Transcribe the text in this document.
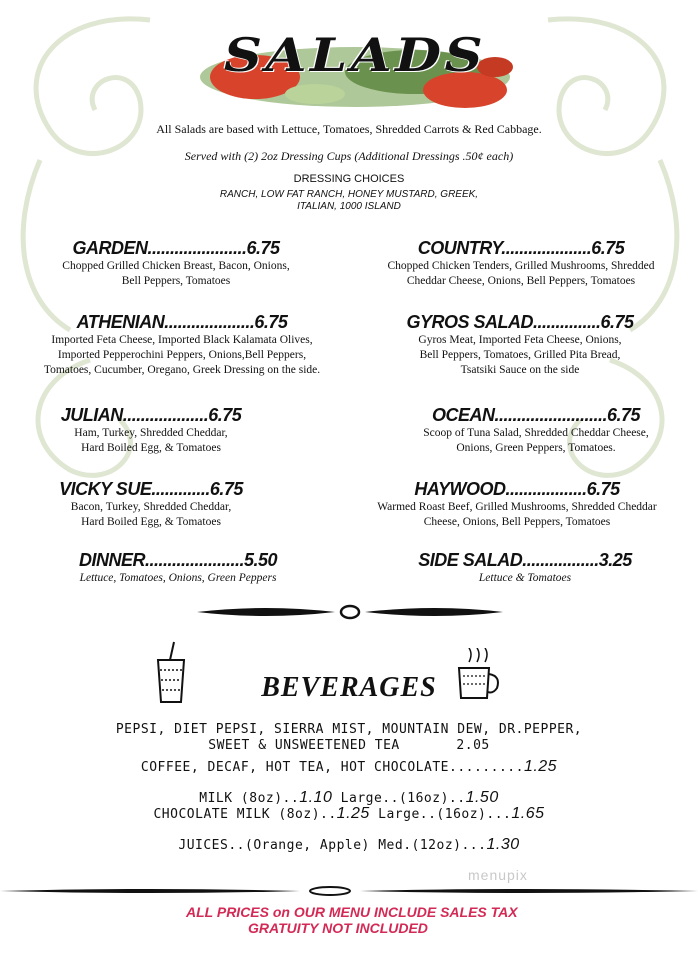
SALADS
All Salads are based with Lettuce, Tomatoes, Shredded Carrots & Red Cabbage.
Served with (2) 2oz Dressing Cups (Additional Dressings .50¢ each)
DRESSING CHOICES
RANCH, LOW FAT RANCH, HONEY MUSTARD, GREEK,
ITALIAN, 1000 ISLAND
GARDEN......................6.75
Chopped Grilled Chicken Breast, Bacon, Onions,
Bell Peppers, Tomatoes
ATHENIAN....................6.75
Imported Feta Cheese, Imported Black Kalamata Olives,
Imported Pepperochini Peppers, Onions,Bell Peppers,
Tomatoes, Cucumber, Oregano, Greek Dressing on the side.
JULIAN...................6.75
Ham, Turkey, Shredded Cheddar,
Hard Boiled Egg, & Tomatoes
VICKY SUE.............6.75
Bacon, Turkey, Shredded Cheddar,
Hard Boiled Egg, & Tomatoes
DINNER......................5.50
Lettuce, Tomatoes, Onions, Green Peppers
COUNTRY....................6.75
Chopped Chicken Tenders, Grilled Mushrooms, Shredded
Cheddar Cheese, Onions, Bell Peppers, Tomatoes
GYROS SALAD...............6.75
Gyros Meat, Imported Feta Cheese, Onions,
Bell Peppers, Tomatoes, Grilled Pita Bread,
Tsatsiki Sauce on the side
OCEAN.........................6.75
Scoop of Tuna Salad, Shredded Cheddar Cheese,
Onions, Green Peppers, Tomatoes.
HAYWOOD..................6.75
Warmed Roast Beef, Grilled Mushrooms, Shredded Cheddar
Cheese, Onions, Bell Peppers, Tomatoes
SIDE SALAD.................3.25
Lettuce & Tomatoes
BEVERAGES
PEPSI, DIET PEPSI, SIERRA MIST, MOUNTAIN DEW, DR.PEPPER,
SWEET & UNSWEETENED TEA	2.05
COFFEE, DECAF, HOT TEA, HOT CHOCOLATE.........1.25
MILK (8oz)..1.10 Large..(16oz)..1.50
CHOCOLATE MILK (8oz)..1.25 Large..(16oz)...1.65
JUICES..(Orange, Apple) Med.(12oz)...1.30
menupix
ALL PRICES on OUR MENU INCLUDE SALES TAX
GRATUITY NOT INCLUDED
